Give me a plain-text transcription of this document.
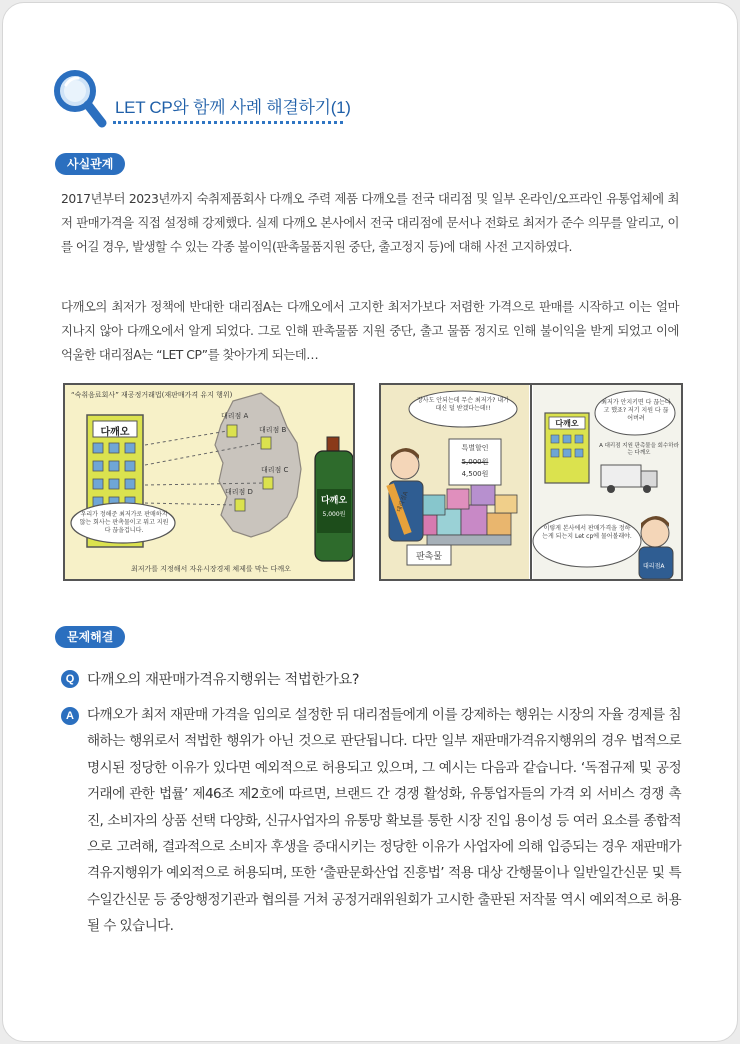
LET CP와 함께 사례 해결하기(1)
사실관계

2017년부터 2023년까지 숙취제품회사 다깨오 주력 제품 다깨오를 전국 대리점 및 일부 온라인/오프라인 유통업체에 최저 판매가격을 직접 설정해 강제했다. 실제 다깨오 본사에서 전국 대리점에 문서나 전화로 최저가 준수 의무를 알리고, 이를 어길 경우, 발생할 수 있는 각종 불이익(판촉물품지원 중단, 출고정지 등)에 대해 사전 고지하였다.

다깨오의 최저가 정책에 반대한 대리점A는 다깨오에서 고지한 최저가보다 저렴한 가격으로 판매를 시작하고 이는 얼마 지나지 않아 다깨오에서 알게 되었다. 그로 인해 판촉물품 지원 중단, 출고 물품 정지로 인해 불이익을 받게 되었고 이에 억울한 대리점A는 “LET CP”를 찾아가게 되는데…

“숙취음료회사” 재공정거래법(재판매가격 유지 행위)
다깨오
대리점 A
대리점 B
대리점 C
대리점 D
우리가 정해준 최저가로 판매하지 않는 회사는 판촉물이고 뭐고 지원 다 끊을겁니다.
다깨오
5,000원
최저가를 지정해서 자유시장경제 체제를 막는 다깨오
장사도 안되는데 무슨 최저가? 내가 대신 덜 받겠다는데!!
특별할인
5,000원
4,500원
다깨오
최저가 안지키면 다 끊는다고 했죠? 저기 지원 다 끊어버려
A 대리점 지원 판촉물을 회수하라는 다깨오
이렇게 본사에서 판매가격을 정하는게 되는지 Let cp에 물어볼래야.
판촉물
대리점A
대리점A
문제해결
Q 다깨오의 재판매가격유지행위는 적법한가요?
A 다깨오가 최저 재판매 가격을 임의로 설정한 뒤 대리점들에게 이를 강제하는 행위는 시장의 자율 경제를 침해하는 행위로서 적법한 행위가 아닌 것으로 판단됩니다. 다만 일부 재판매가격유지행위의 경우 법적으로 명시된 정당한 이유가 있다면 예외적으로 허용되고 있으며, 그 예시는 다음과 같습니다. ‘독점규제 및 공정거래에 관한 법률’ 제46조 제2호에 따르면, 브랜드 간 경쟁 활성화, 유통업자들의 가격 외 서비스 경쟁 촉진, 소비자의 상품 선택 다양화, 신규사업자의 유통망 확보를 통한 시장 진입 용이성 등 여러 요소를 종합적으로 고려해, 결과적으로 소비자 후생을 증대시키는 정당한 이유가 사업자에 의해 입증되는 경우 재판매가격유지행위가 예외적으로 허용되며, 또한 ‘출판문화산업 진흥법’ 적용 대상 간행물이나 일반일간신문 및 특수일간신문 등 중앙행정기관과 협의를 거쳐 공정거래위원회가 고시한 출판된 저작물 역시 예외적으로 허용될 수 있습니다.
